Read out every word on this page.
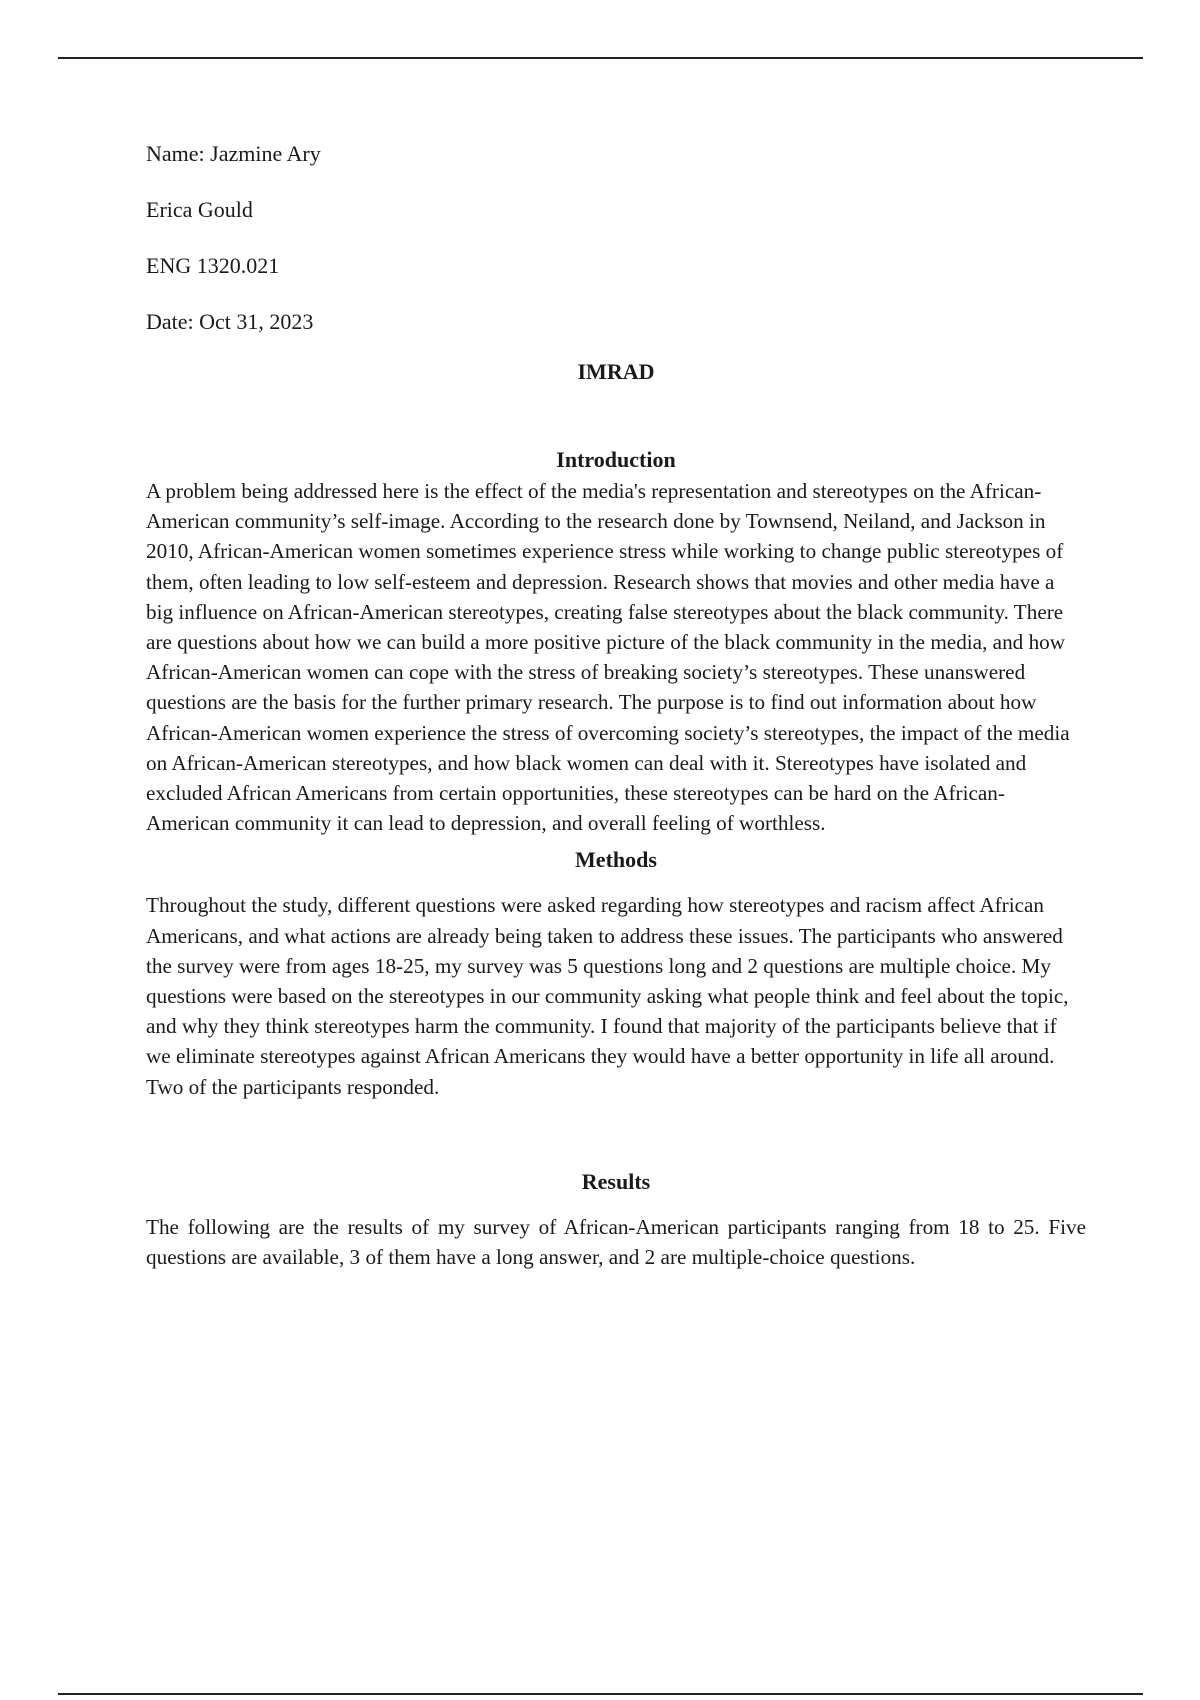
Name: Jazmine Ary

Erica Gould

ENG 1320.021

Date: Oct 31, 2023

IMRAD
Introduction

A problem being addressed here is the effect of the media's representation and stereotypes on the African-American community’s self-image. According to the research done by Townsend, Neiland, and Jackson in 2010, African-American women sometimes experience stress while working to change public stereotypes of them, often leading to low self-esteem and depression. Research shows that movies and other media have a big influence on African-American stereotypes, creating false stereotypes about the black community. There are questions about how we can build a more positive picture of the black community in the media, and how African-American women can cope with the stress of breaking society’s stereotypes. These unanswered questions are the basis for the further primary research. The purpose is to find out information about how African-American women experience the stress of overcoming society’s stereotypes, the impact of the media on African-American stereotypes, and how black women can deal with it. Stereotypes have isolated and excluded African Americans from certain opportunities, these stereotypes can be hard on the African-American community it can lead to depression, and overall feeling of worthless.

Methods

Throughout the study, different questions were asked regarding how stereotypes and racism affect African Americans, and what actions are already being taken to address these issues. The participants who answered the survey were from ages 18-25, my survey was 5 questions long and 2 questions are multiple choice. My questions were based on the stereotypes in our community asking what people think and feel about the topic, and why they think stereotypes harm the community. I found that majority of the participants believe that if we eliminate stereotypes against African Americans they would have a better opportunity in life all around. Two of the participants responded.

Results

The following are the results of my survey of African-American participants ranging from 18 to 25. Five questions are available, 3 of them have a long answer, and 2 are multiple-choice questions.
